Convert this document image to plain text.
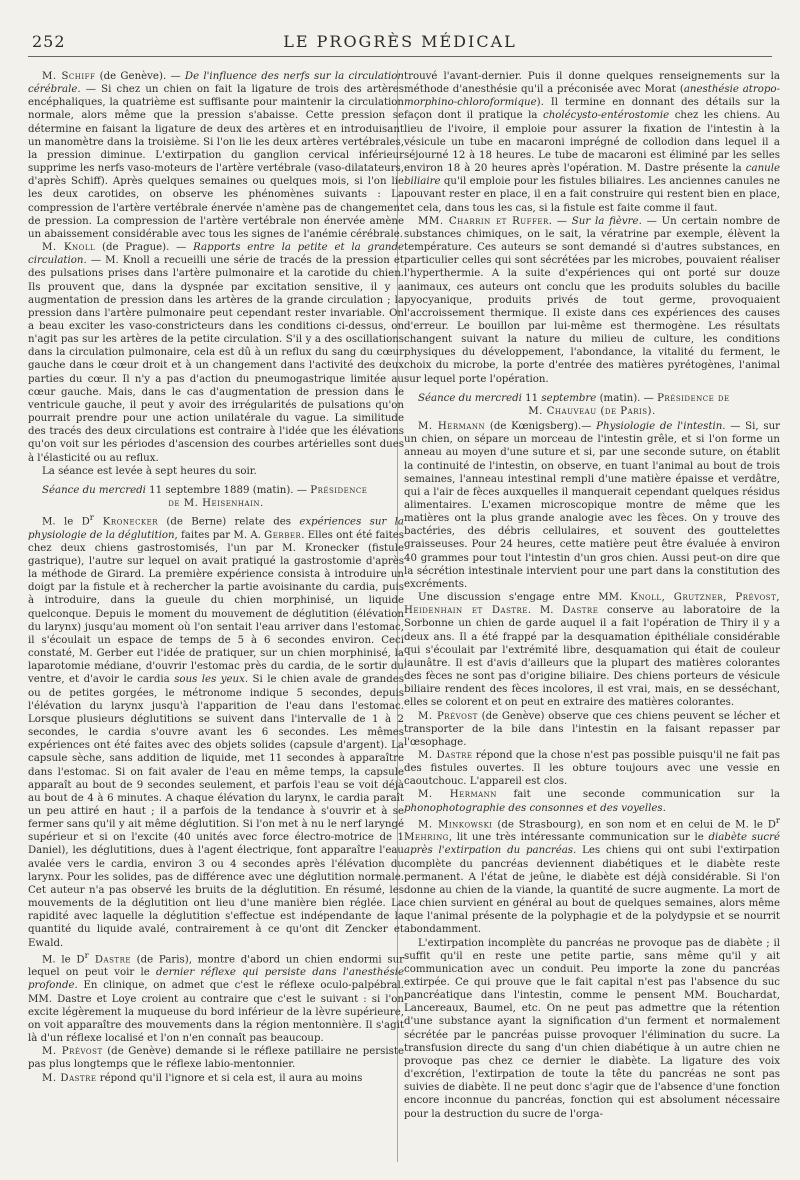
252	LE PROGRÈS MÉDICAL

M. Schiff (de Genève). — De l'influence des nerfs sur la circulation cérébrale. — Si chez un chien on fait la ligature de trois des artères encéphaliques, la quatrième est suffisante pour maintenir la circulation normale, alors même que la pression s'abaisse. Cette pression se détermine en faisant la ligature de deux des artères et en introduisant un manomètre dans la troisième. Si l'on lie les deux artères vertébrales, la pression diminue. L'extirpation du ganglion cervical inférieur supprime les nerfs vaso-moteurs de l'artère vertébrale (vaso-dilatateurs, d'après Schiff). Après quelques semaines ou quelques mois, si l'on lie les deux carotides, on observe les phénomènes suivants : La compression de l'artère vertébrale énervée n'amène pas de changement de pression. La compression de l'artère vertébrale non énervée amène un abaissement considérable avec tous les signes de l'anémie cérébrale.

M. Knoll (de Prague). — Rapports entre la petite et la grande circulation. — M. Knoll a recueilli une série de tracés de la pression et des pulsations prises dans l'artère pulmonaire et la carotide du chien. Ils prouvent que, dans la dyspnée par excitation sensitive, il y a augmentation de pression dans les artères de la grande circulation ; la pression dans l'artère pulmonaire peut cependant rester invariable. On a beau exciter les vaso-constricteurs dans les conditions ci-dessus, on n'agit pas sur les artères de la petite circulation. S'il y a des oscillations dans la circulation pulmonaire, cela est dû à un reflux du sang du cœur gauche dans le cœur droit et à un changement dans l'activité des deux parties du cœur. Il n'y a pas d'action du pneumogastrique limitée au cœur gauche. Mais, dans le cas d'augmentation de pression dans le ventricule gauche, il peut y avoir des irrégularités de pulsations qu'on pourrait prendre pour une action unilatérale du vague. La similitude des tracés des deux circulations est contraire à l'idée que les élévations qu'on voit sur les périodes d'ascension des courbes artérielles sont dues à l'élasticité ou au reflux.

La séance est levée à sept heures du soir.

Séance du mercredi 11 septembre 1889 (matin). — Présidence
de M. Heisenhain.

M. le $D^r$ Kronecker (de Berne) relate des expériences sur la physiologie de la déglutition, faites par M. A. Gerber. Elles ont été faites chez deux chiens gastrostomisés, l'un par M. Kronecker (fistule gastrique), l'autre sur lequel on avait pratiqué la gastrostomie d'après la méthode de Girard. La première expérience consista à introduire un doigt par la fistule et à rechercher la partie avoisinante du cardia, puis à introduire, dans la gueule du chien morphinisé, un liquide quelconque. Depuis le moment du mouvement de déglutition (élévation du larynx) jusqu'au moment où l'on sentait l'eau arriver dans l'estomac, il s'écoulait un espace de temps de 5 à 6 secondes environ. Ceci constaté, M. Gerber eut l'idée de pratiquer, sur un chien morphinisé, la laparotomie médiane, d'ouvrir l'estomac près du cardia, de le sortir du ventre, et d'avoir le cardia sous les yeux. Si le chien avale de grandes ou de petites gorgées, le métronome indique 5 secondes, depuis l'élévation du larynx jusqu'à l'apparition de l'eau dans l'estomac. Lorsque plusieurs déglutitions se suivent dans l'intervalle de 1 à 2 secondes, le cardia s'ouvre avant les 6 secondes. Les mêmes expériences ont été faites avec des objets solides (capsule d'argent). La capsule sèche, sans addition de liquide, met 11 secondes à apparaître dans l'estomac. Si on fait avaler de l'eau en même temps, la capsule apparaît au bout de 9 secondes seulement, et parfois l'eau se voit déjà au bout de 4 à 6 minutes. A chaque élévation du larynx, le cardia paraît un peu attiré en haut ; il a parfois de la tendance à s'ouvrir et à se fermer sans qu'il y ait même déglutition. Si l'on met à nu le nerf laryngé supérieur et si on l'excite (40 unités avec force électro-motrice de 1 Daniel), les déglutitions, dues à l'agent électrique, font apparaître l'eau avalée vers le cardia, environ 3 ou 4 secondes après l'élévation du larynx. Pour les solides, pas de différence avec une déglutition normale. Cet auteur n'a pas observé les bruits de la déglutition. En résumé, les mouvements de la déglutition ont lieu d'une manière bien réglée. La rapidité avec laquelle la déglutition s'effectue est indépendante de la quantité du liquide avalé, contrairement à ce qu'ont dit Zencker et Ewald.

M. le $D^r$ Dastre (de Paris), montre d'abord un chien endormi sur lequel on peut voir le dernier réflexe qui persiste dans l'anesthésie profonde. En clinique, on admet que c'est le réflexe oculo-palpébral. MM. Dastre et Loye croient au contraire que c'est le suivant : si l'on excite légèrement la muqueuse du bord inférieur de la lèvre supérieure, on voit apparaître des mouvements dans la région mentonnière. Il s'agit là d'un réflexe localisé et l'on n'en connaît pas beaucoup.

M. Prévost (de Genève) demande si le réflexe patillaire ne persiste pas plus longtemps que le réflexe labio-mentonnier.

M. Dastre répond qu'il l'ignore et si cela est, il aura au moins

trouvé l'avant-dernier. Puis il donne quelques renseignements sur la méthode d'anesthésie qu'il a préconisée avec Morat (anesthésie atropo-morphino-chloroformique). Il termine en donnant des détails sur la façon dont il pratique la cholécysto-entérostomie chez les chiens. Au lieu de l'ivoire, il emploie pour assurer la fixation de l'intestin à la vésicule un tube en macaroni imprégné de collodion dans lequel il a séjourné 12 à 18 heures. Le tube de macaroni est éliminé par les selles environ 18 à 20 heures après l'opération. M. Dastre présente la canule biliaire qu'il emploie pour les fistules biliaires. Les anciennes canules ne pouvant rester en place, il en a fait construire qui restent bien en place, et cela, dans tous les cas, si la fistule est faite comme il faut.

MM. Charrin et Ruffer. — Sur la fièvre. — Un certain nombre de substances chimiques, on le sait, la vératrine par exemple, élèvent la température. Ces auteurs se sont demandé si d'autres substances, en particulier celles qui sont sécrétées par les microbes, pouvaient réaliser l'hyperthermie. A la suite d'expériences qui ont porté sur douze animaux, ces auteurs ont conclu que les produits solubles du bacille pyocyanique, produits privés de tout germe, provoquaient l'accroissement thermique. Il existe dans ces expériences des causes d'erreur. Le bouillon par lui-même est thermogène. Les résultats changent suivant la nature du milieu de culture, les conditions physiques du développement, l'abondance, la vitalité du ferment, le choix du microbe, la porte d'entrée des matières pyrétogènes, l'animal sur lequel porte l'opération.

Séance du mercredi 11 septembre (matin). — Présidence de
M. Chauveau (de Paris).

M. Hermann (de Kœnigsberg).— Physiologie de l'intestin. — Si, sur un chien, on sépare un morceau de l'intestin grêle, et si l'on forme un anneau au moyen d'une suture et si, par une seconde suture, on établit la continuité de l'intestin, on observe, en tuant l'animal au bout de trois semaines, l'anneau intestinal rempli d'une matière épaisse et verdâtre, qui a l'air de fèces auxquelles il manquerait cependant quelques résidus alimentaires. L'examen microscopique montre de même que les matières ont la plus grande analogie avec les fèces. On y trouve des bactéries, des débris cellulaires, et souvent des gouttelettes graisseuses. Pour 24 heures, cette matière peut être évaluée à environ 40 grammes pour tout l'intestin d'un gros chien. Aussi peut-on dire que la sécrétion intestinale intervient pour une part dans la constitution des excréments.

Une discussion s'engage entre MM. Knoll, Grutzner, Prévost, Heidenhain et Dastre. M. Dastre conserve au laboratoire de la Sorbonne un chien de garde auquel il a fait l'opération de Thiry il y a deux ans. Il a été frappé par la desquamation épithéliale considérable qui s'écoulait par l'extrémité libre, desquamation qui était de couleur jaunâtre. Il est d'avis d'ailleurs que la plupart des matières colorantes des fèces ne sont pas d'origine biliaire. Des chiens porteurs de vésicule biliaire rendent des fèces incolores, il est vrai, mais, en se desséchant, elles se colorent et on peut en extraire des matières colorantes.

M. Prévost (de Genève) observe que ces chiens peuvent se lécher et transporter de la bile dans l'intestin en la faisant repasser par l'œsophage.

M. Dastre répond que la chose n'est pas possible puisqu'il ne fait pas des fistules ouvertes. Il les obture toujours avec une vessie en caoutchouc. L'appareil est clos.

M. Hermann fait une seconde communication sur la phonophotographie des consonnes et des voyelles.

M. Minkowski (de Strasbourg), en son nom et en celui de M. le $D^r$ Mehring, lit une très intéressante communication sur le diabète sucré après l'extirpation du pancréas. Les chiens qui ont subi l'extirpation complète du pancréas deviennent diabétiques et le diabète reste permanent. A l'état de jeûne, le diabète est déjà considérable. Si l'on donne au chien de la viande, la quantité de sucre augmente. La mort de ce chien survient en général au bout de quelques semaines, alors même que l'animal présente de la polyphagie et de la polydypsie et se nourrit abondamment.

L'extirpation incomplète du pancréas ne provoque pas de diabète ; il suffit qu'il en reste une petite partie, sans même qu'il y ait communication avec un conduit. Peu importe la zone du pancréas extirpée. Ce qui prouve que le fait capital n'est pas l'absence du suc pancréatique dans l'intestin, comme le pensent MM. Bouchardat, Lancereaux, Baumel, etc. On ne peut pas admettre que la rétention d'une substance ayant la signification d'un ferment et normalement sécrétée par le pancréas puisse provoquer l'élimination du sucre. La transfusion directe du sang d'un chien diabétique à un autre chien ne provoque pas chez ce dernier le diabète. La ligature des voix d'excrétion, l'extirpation de toute la tête du pancréas ne sont pas suivies de diabète. Il ne peut donc s'agir que de l'absence d'une fonction encore inconnue du pancréas, fonction qui est absolument nécessaire pour la destruction du sucre de l'orga-
